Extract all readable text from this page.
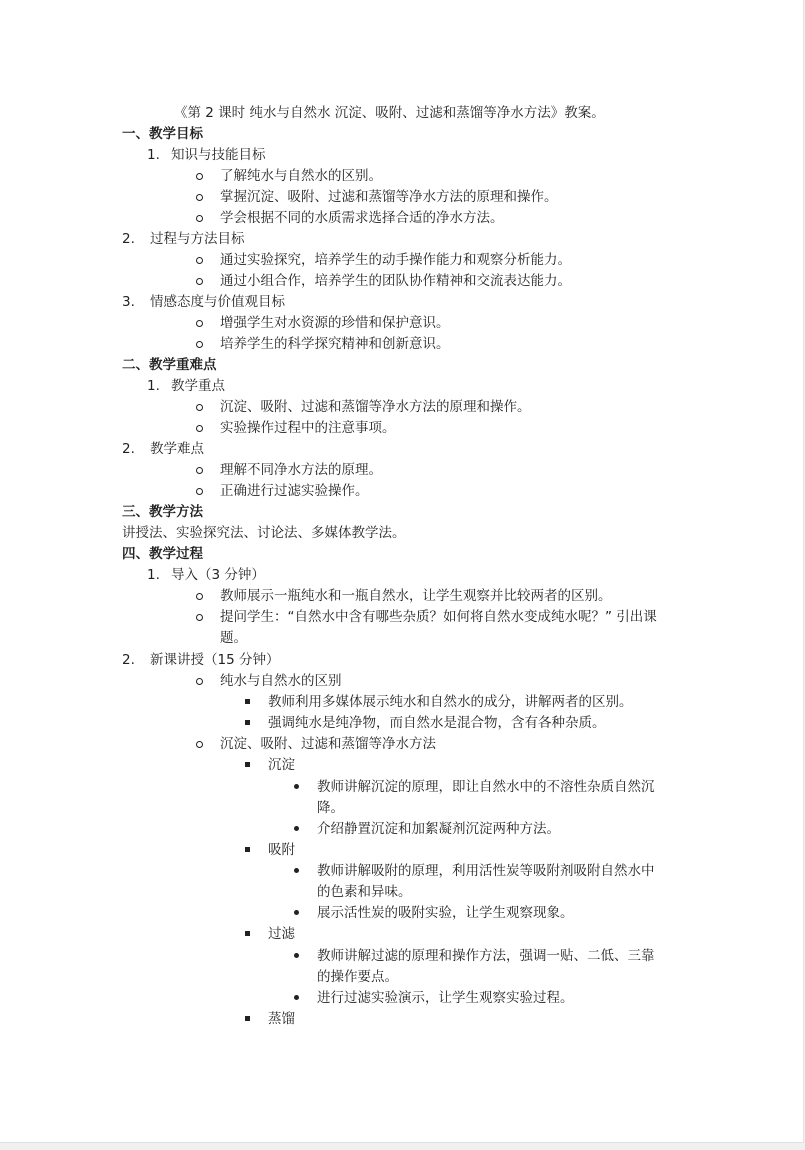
《第 2 课时 纯水与自然水 沉淀、吸附、过滤和蒸馏等净水方法》教案。
一、教学目标
1. 知识与技能目标
了解纯水与自然水的区别。
掌握沉淀、吸附、过滤和蒸馏等净水方法的原理和操作。
学会根据不同的水质需求选择合适的净水方法。
2. 过程与方法目标
通过实验探究，培养学生的动手操作能力和观察分析能力。
通过小组合作，培养学生的团队协作精神和交流表达能力。
3. 情感态度与价值观目标
增强学生对水资源的珍惜和保护意识。
培养学生的科学探究精神和创新意识。
二、教学重难点
1. 教学重点
沉淀、吸附、过滤和蒸馏等净水方法的原理和操作。
实验操作过程中的注意事项。
2. 教学难点
理解不同净水方法的原理。
正确进行过滤实验操作。
三、教学方法
讲授法、实验探究法、讨论法、多媒体教学法。
四、教学过程
1. 导入（3 分钟）
教师展示一瓶纯水和一瓶自然水，让学生观察并比较两者的区别。
提问学生：“自然水中含有哪些杂质？如何将自然水变成纯水呢？” 引出课
题。
2. 新课讲授（15 分钟）
纯水与自然水的区别
教师利用多媒体展示纯水和自然水的成分，讲解两者的区别。
强调纯水是纯净物，而自然水是混合物，含有各种杂质。
沉淀、吸附、过滤和蒸馏等净水方法
沉淀
教师讲解沉淀的原理，即让自然水中的不溶性杂质自然沉
降。
介绍静置沉淀和加絮凝剂沉淀两种方法。
吸附
教师讲解吸附的原理，利用活性炭等吸附剂吸附自然水中
的色素和异味。
展示活性炭的吸附实验，让学生观察现象。
过滤
教师讲解过滤的原理和操作方法，强调一贴、二低、三靠
的操作要点。
进行过滤实验演示，让学生观察实验过程。
蒸馏
